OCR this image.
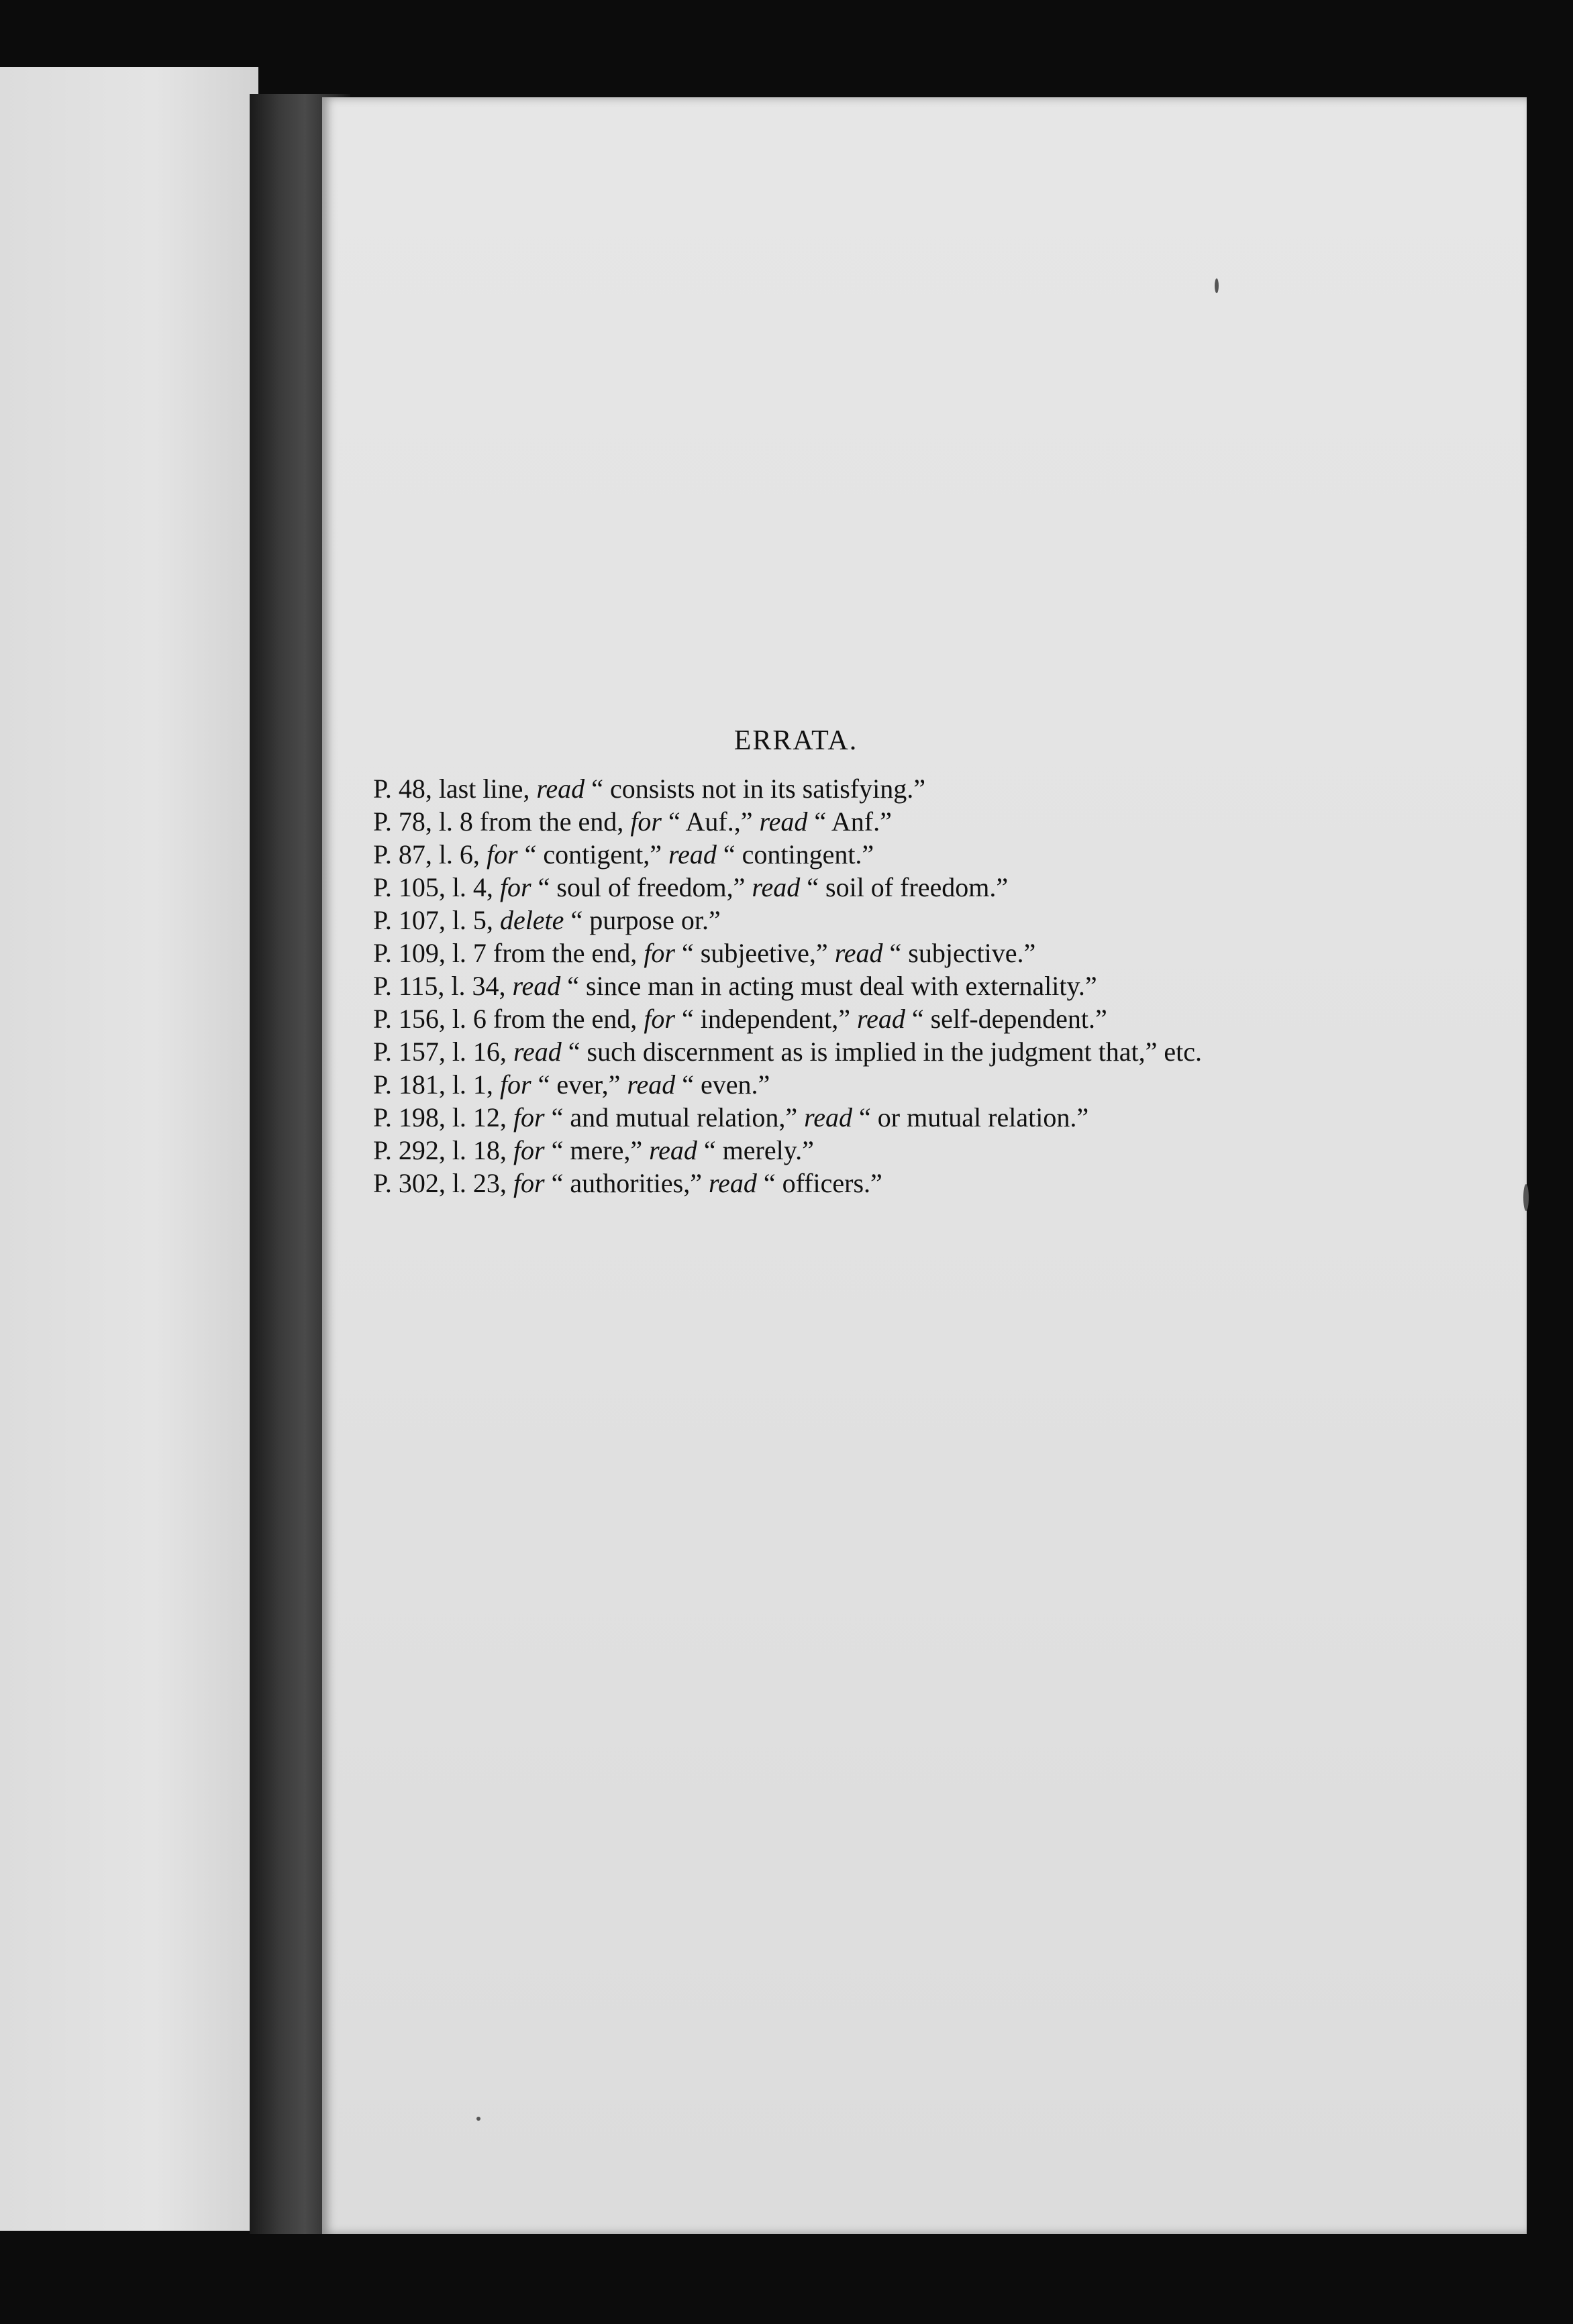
ERRATA.

P. 48, last line, read “ consists not in its satisfying.”

P. 78, l. 8 from the end, for “ Auf.,” read “ Anf.”

P. 87, l. 6, for “ contigent,” read “ contingent.”

P. 105, l. 4, for “ soul of freedom,” read “ soil of freedom.”

P. 107, l. 5, delete “ purpose or.”

P. 109, l. 7 from the end, for “ subjeetive,” read “ subjective.”

P. 115, l. 34, read “ since man in acting must deal with externality.”

P. 156, l. 6 from the end, for “ independent,” read “ self-dependent.”

P. 157, l. 16, read “ such discernment as is implied in the judgment that,” etc.

P. 181, l. 1, for “ ever,” read “ even.”

P. 198, l. 12, for “ and mutual relation,” read “ or mutual relation.”

P. 292, l. 18, for “ mere,” read “ merely.”

P. 302, l. 23, for “ authorities,” read “ officers.”
